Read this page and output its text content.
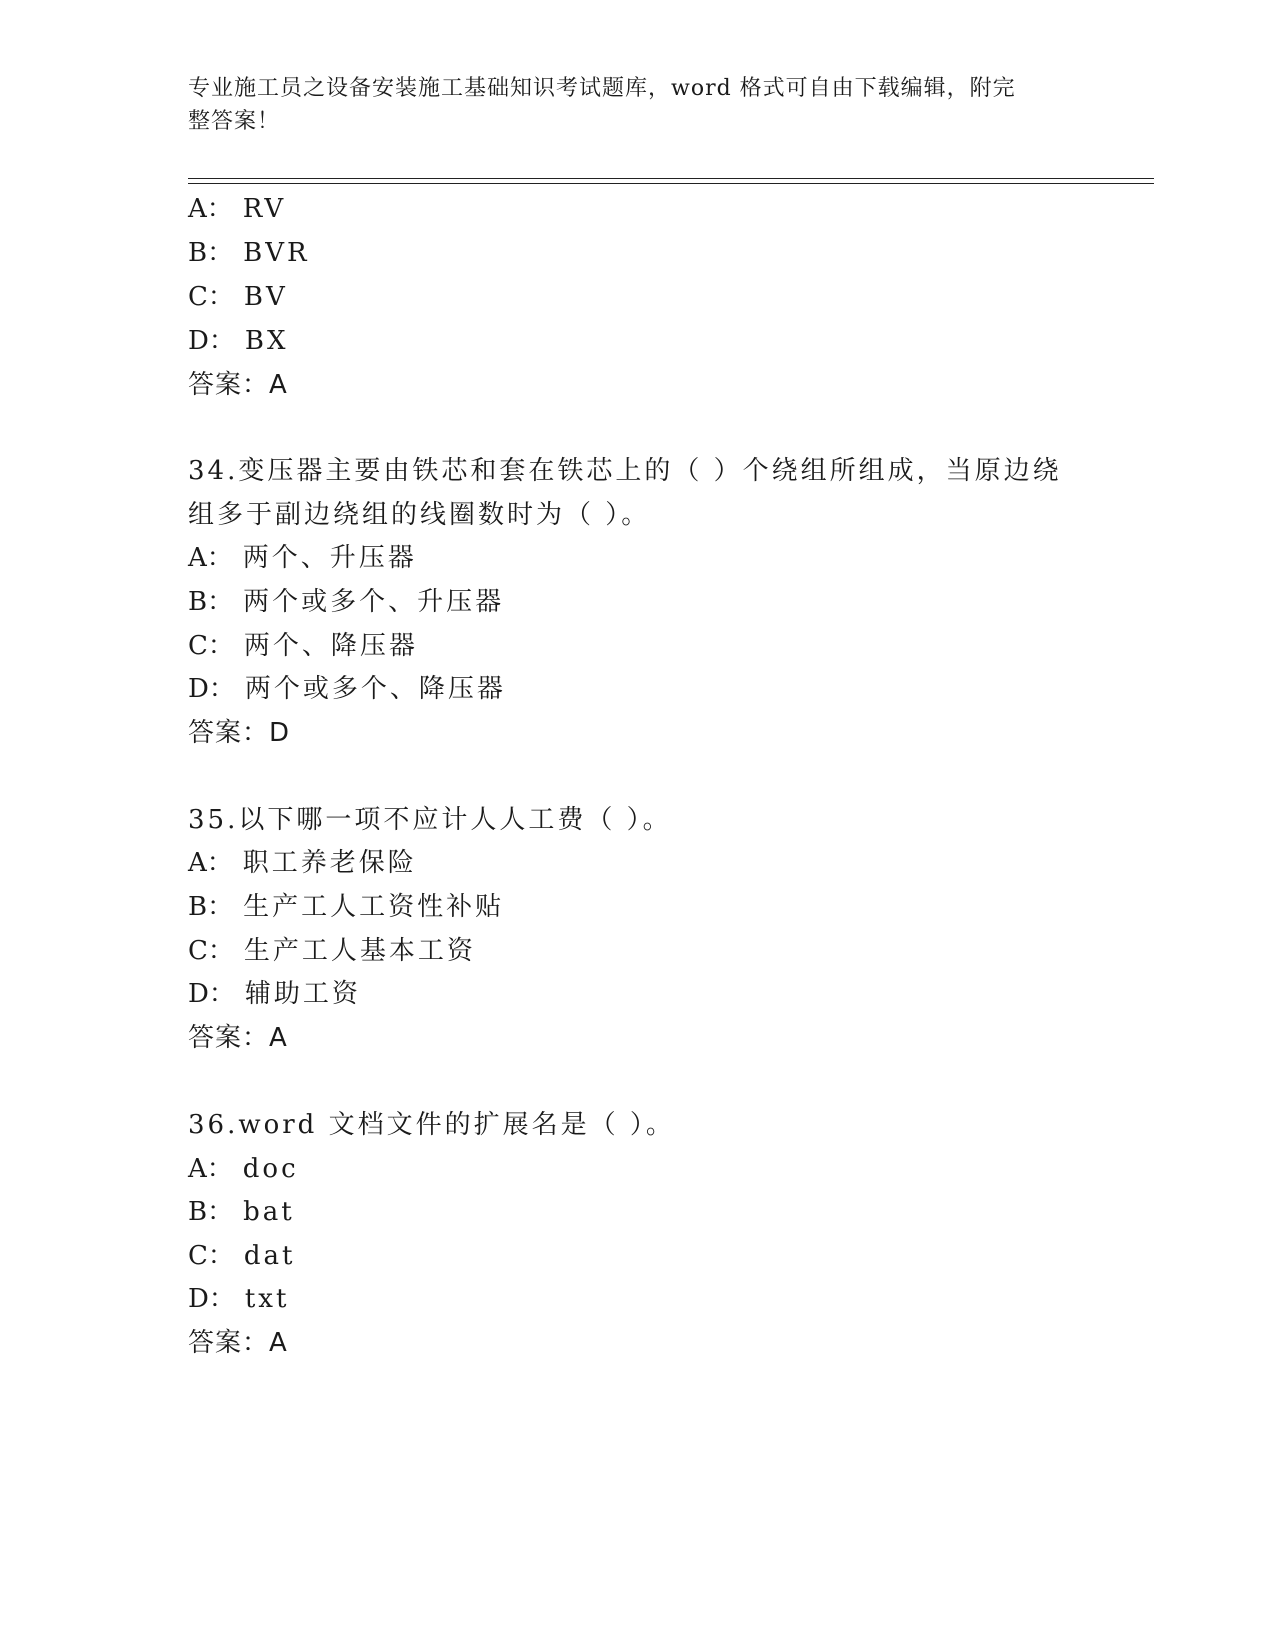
专业施工员之设备安装施工基础知识考试题库，word 格式可自由下载编辑，附完
整答案！
A： RV
B： BVR
C： BV
D： BX
答案：A
34.变压器主要由铁芯和套在铁芯上的（ ）个绕组所组成，当原边绕
组多于副边绕组的线圈数时为（ ）。
A： 两个、升压器
B： 两个或多个、升压器
C： 两个、降压器
D： 两个或多个、降压器
答案：D
35.以下哪一项不应计人人工费（ ）。
A： 职工养老保险
B： 生产工人工资性补贴
C： 生产工人基本工资
D： 辅助工资
答案：A
36.word 文档文件的扩展名是（ ）。
A： doc
B： bat
C： dat
D： txt
答案：A
